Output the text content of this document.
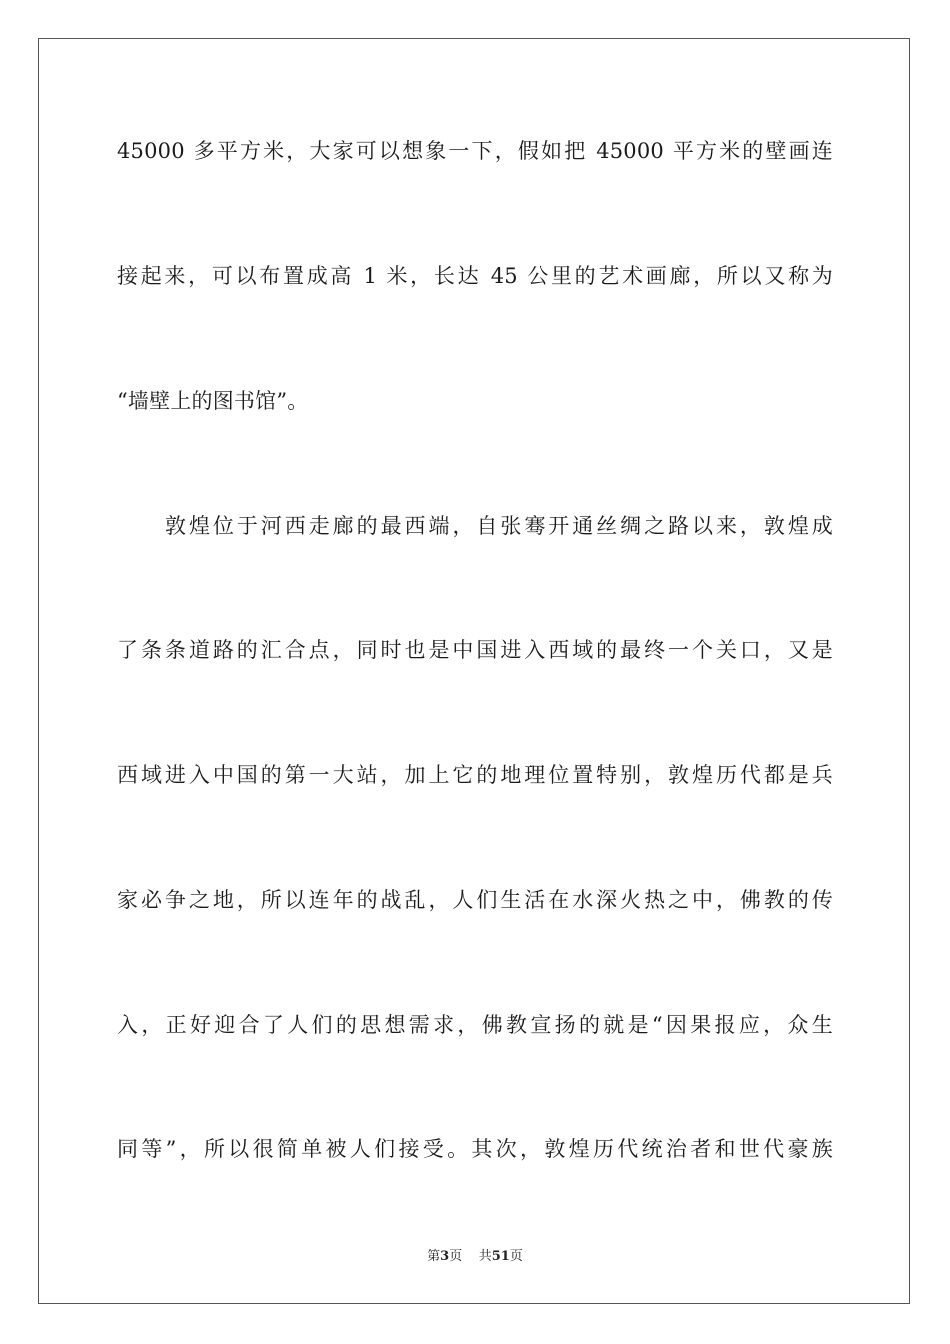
45000 多平方米，大家可以想象一下，假如把 45000 平方米的壁画连
接起来，可以布置成高 1 米，长达 45 公里的艺术画廊，所以又称为
“墙壁上的图书馆”。
敦煌位于河西走廊的最西端，自张骞开通丝绸之路以来，敦煌成
了条条道路的汇合点，同时也是中国进入西域的最终一个关口，又是
西域进入中国的第一大站，加上它的地理位置特别，敦煌历代都是兵
家必争之地，所以连年的战乱，人们生活在水深火热之中，佛教的传
入，正好迎合了人们的思想需求，佛教宣扬的就是“因果报应，众生
同等”，所以很简单被人们接受。其次，敦煌历代统治者和世代豪族
第3页 共51页
